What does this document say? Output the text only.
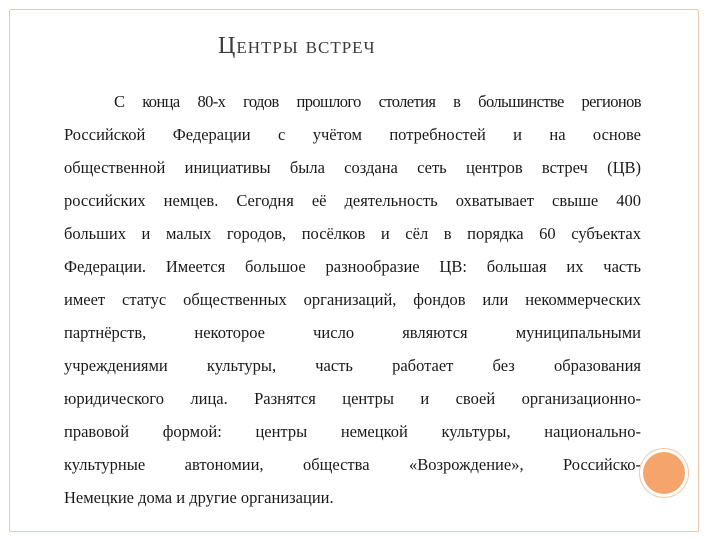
Центры встреч
С конца 80-х годов прошлого столетия в большинстве регионов
Российской Федерации с учётом потребностей и на основе
общественной инициативы была создана сеть центров встреч (ЦВ)
российских немцев. Сегодня её деятельность охватывает свыше 400
больших и малых городов, посёлков и сёл в порядка 60 субъектах
Федерации. Имеется большое разнообразие ЦВ: большая их часть
имеет статус общественных организаций, фондов или некоммерческих
партнёрств, некоторое число являются муниципальными
учреждениями культуры, часть работает без образования
юридического лица. Разнятся центры и своей организационно-
правовой формой: центры немецкой культуры, национально-
культурные автономии, общества «Возрождение», Российско-
Немецкие дома и другие организации.
